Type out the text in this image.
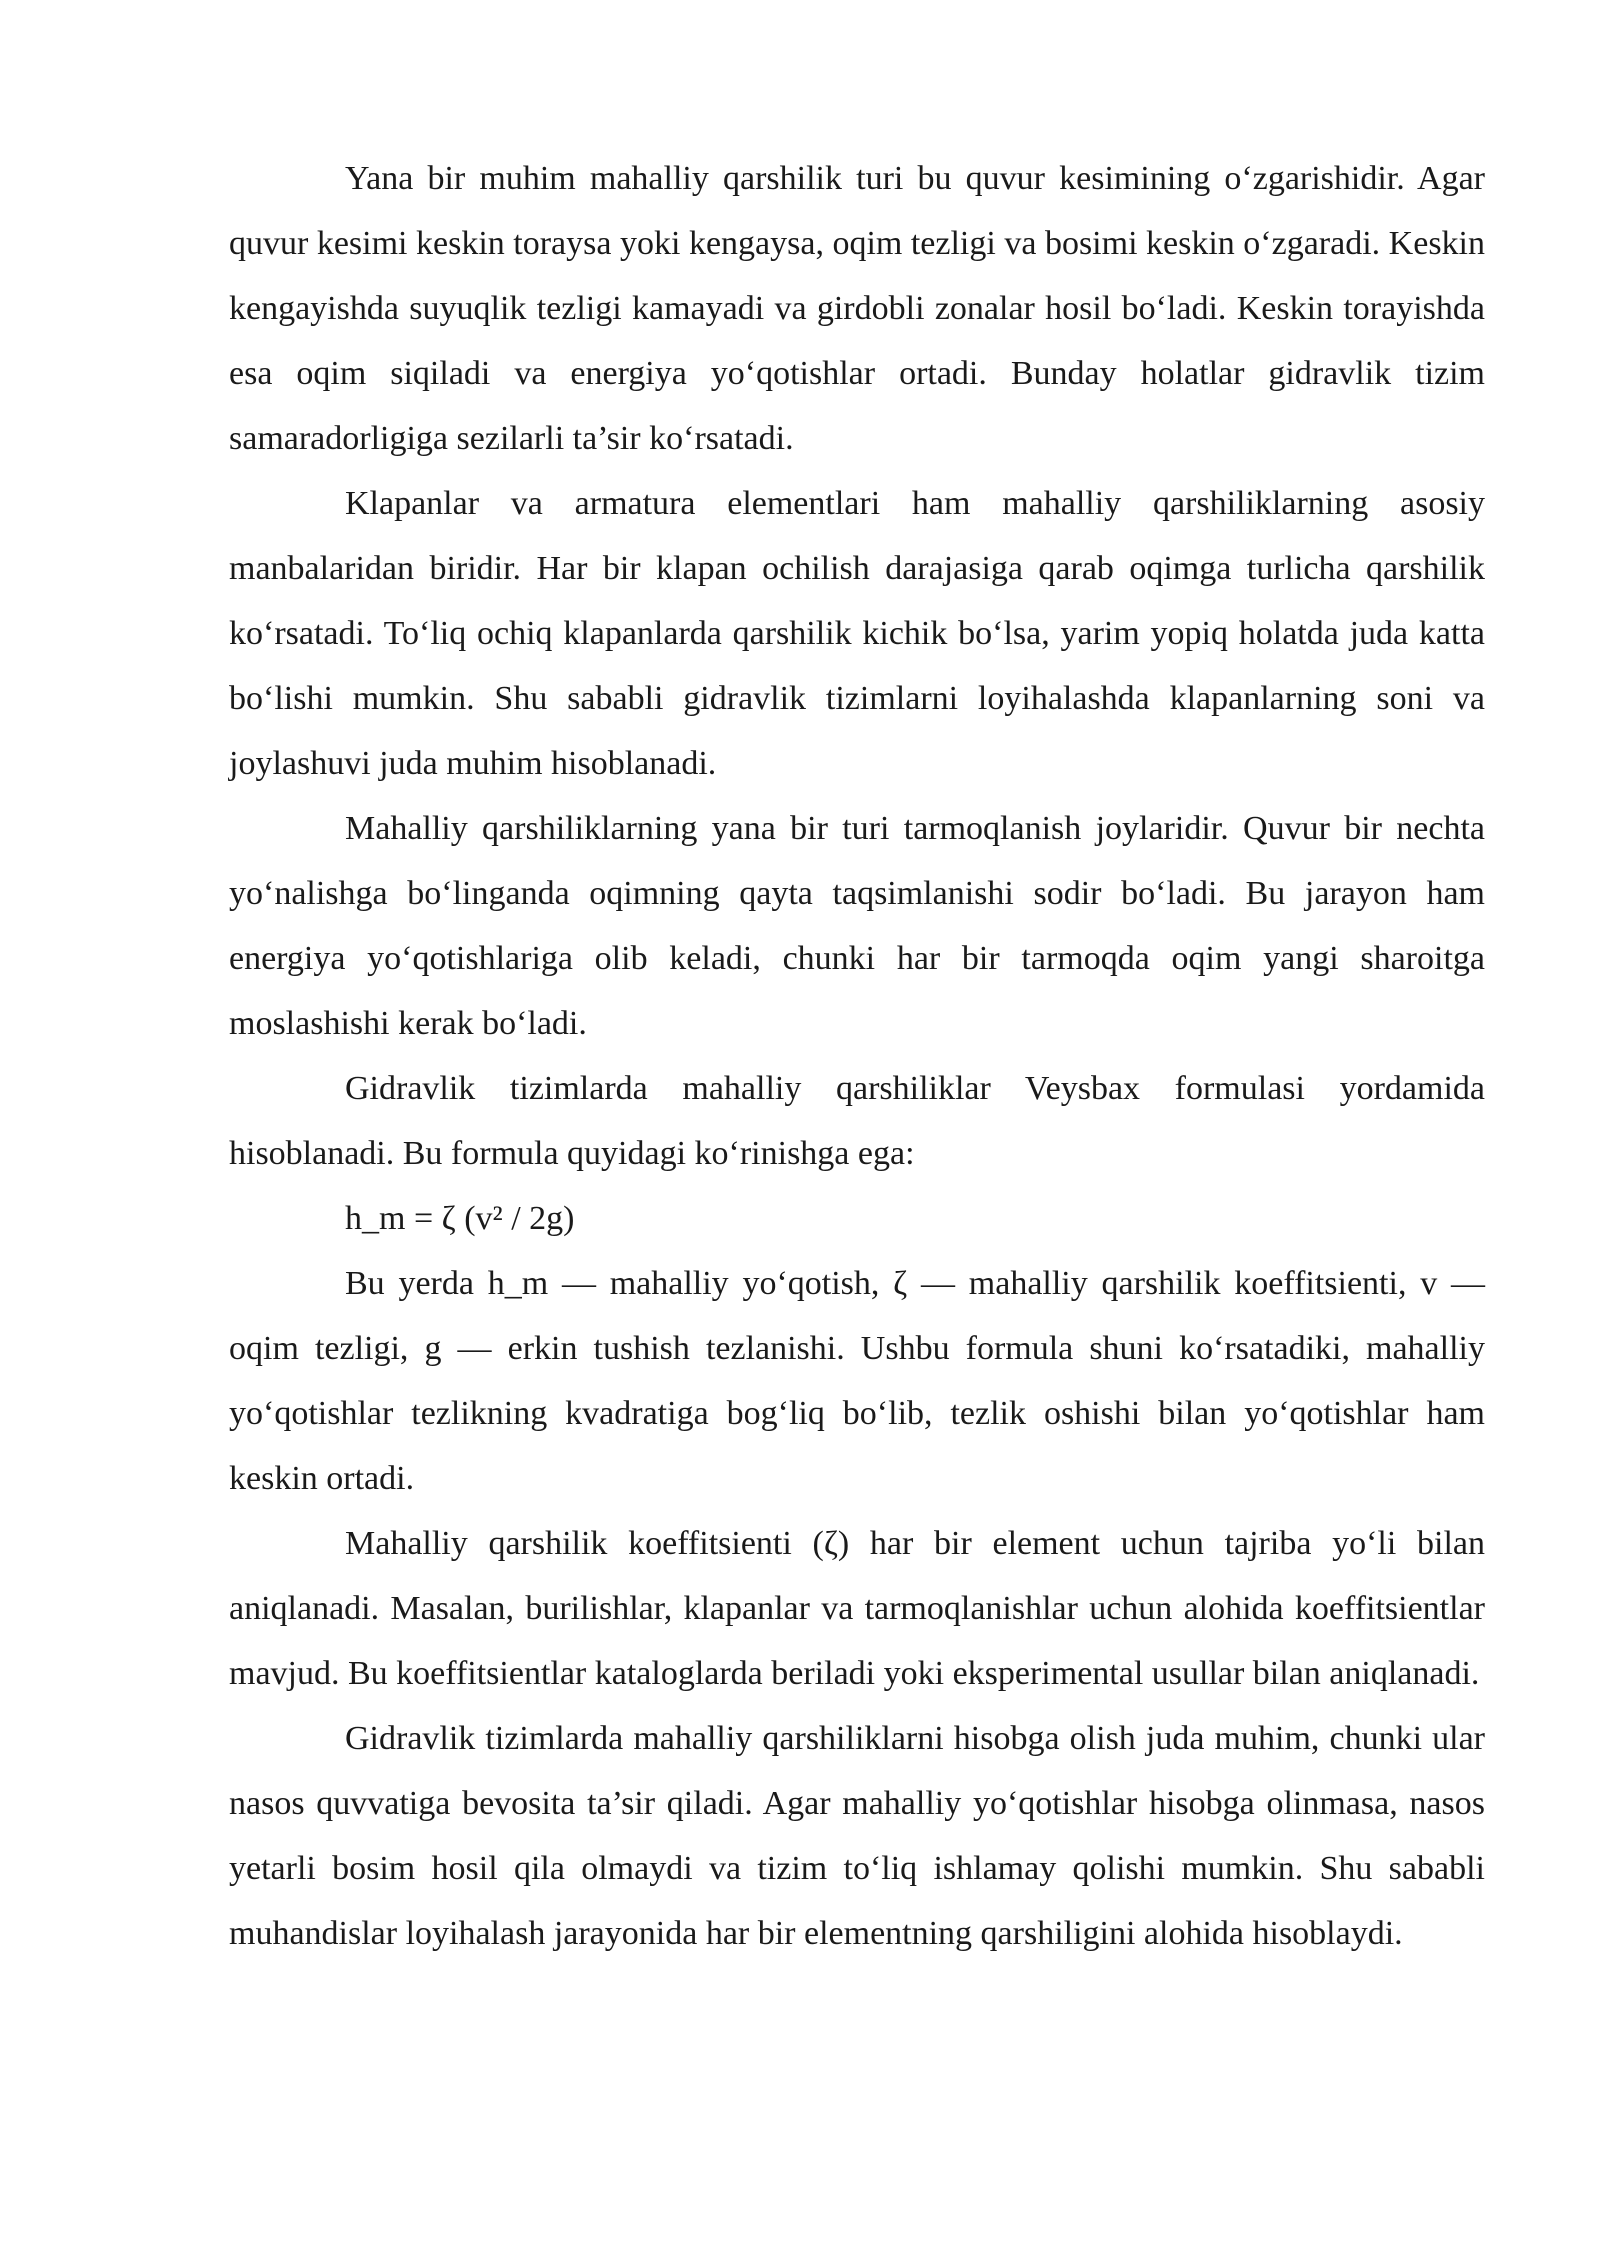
Yana bir muhim mahalliy qarshilik turi bu quvur kesimining o‘zgarishidir. Agar quvur kesimi keskin toraysa yoki kengaysa, oqim tezligi va bosimi keskin o‘zgaradi. Keskin kengayishda suyuqlik tezligi kamayadi va girdobli zonalar hosil bo‘ladi. Keskin torayishda esa oqim siqiladi va energiya yo‘qotishlar ortadi. Bunday holatlar gidravlik tizim samaradorligiga sezilarli ta’sir ko‘rsatadi.

Klapanlar va armatura elementlari ham mahalliy qarshiliklarning asosiy manbalaridan biridir. Har bir klapan ochilish darajasiga qarab oqimga turlicha qarshilik ko‘rsatadi. To‘liq ochiq klapanlarda qarshilik kichik bo‘lsa, yarim yopiq holatda juda katta bo‘lishi mumkin. Shu sababli gidravlik tizimlarni loyihalashda klapanlarning soni va joylashuvi juda muhim hisoblanadi.

Mahalliy qarshiliklarning yana bir turi tarmoqlanish joylaridir. Quvur bir nechta yo‘nalishga bo‘linganda oqimning qayta taqsimlanishi sodir bo‘ladi. Bu jarayon ham energiya yo‘qotishlariga olib keladi, chunki har bir tarmoqda oqim yangi sharoitga moslashishi kerak bo‘ladi.

Gidravlik tizimlarda mahalliy qarshiliklar Veysbax formulasi yordamida hisoblanadi. Bu formula quyidagi ko‘rinishga ega:

h_m = ζ (v² / 2g)

Bu yerda h_m — mahalliy yo‘qotish, ζ — mahalliy qarshilik koeffitsienti, v — oqim tezligi, g — erkin tushish tezlanishi. Ushbu formula shuni ko‘rsatadiki, mahalliy yo‘qotishlar tezlikning kvadratiga bog‘liq bo‘lib, tezlik oshishi bilan yo‘qotishlar ham keskin ortadi.

Mahalliy qarshilik koeffitsienti (ζ) har bir element uchun tajriba yo‘li bilan aniqlanadi. Masalan, burilishlar, klapanlar va tarmoqlanishlar uchun alohida koeffitsientlar mavjud. Bu koeffitsientlar kataloglarda beriladi yoki eksperimental usullar bilan aniqlanadi.

Gidravlik tizimlarda mahalliy qarshiliklarni hisobga olish juda muhim, chunki ular nasos quvvatiga bevosita ta’sir qiladi. Agar mahalliy yo‘qotishlar hisobga olinmasa, nasos yetarli bosim hosil qila olmaydi va tizim to‘liq ishlamay qolishi mumkin. Shu sababli muhandislar loyihalash jarayonida har bir elementning qarshiligini alohida hisoblaydi.
